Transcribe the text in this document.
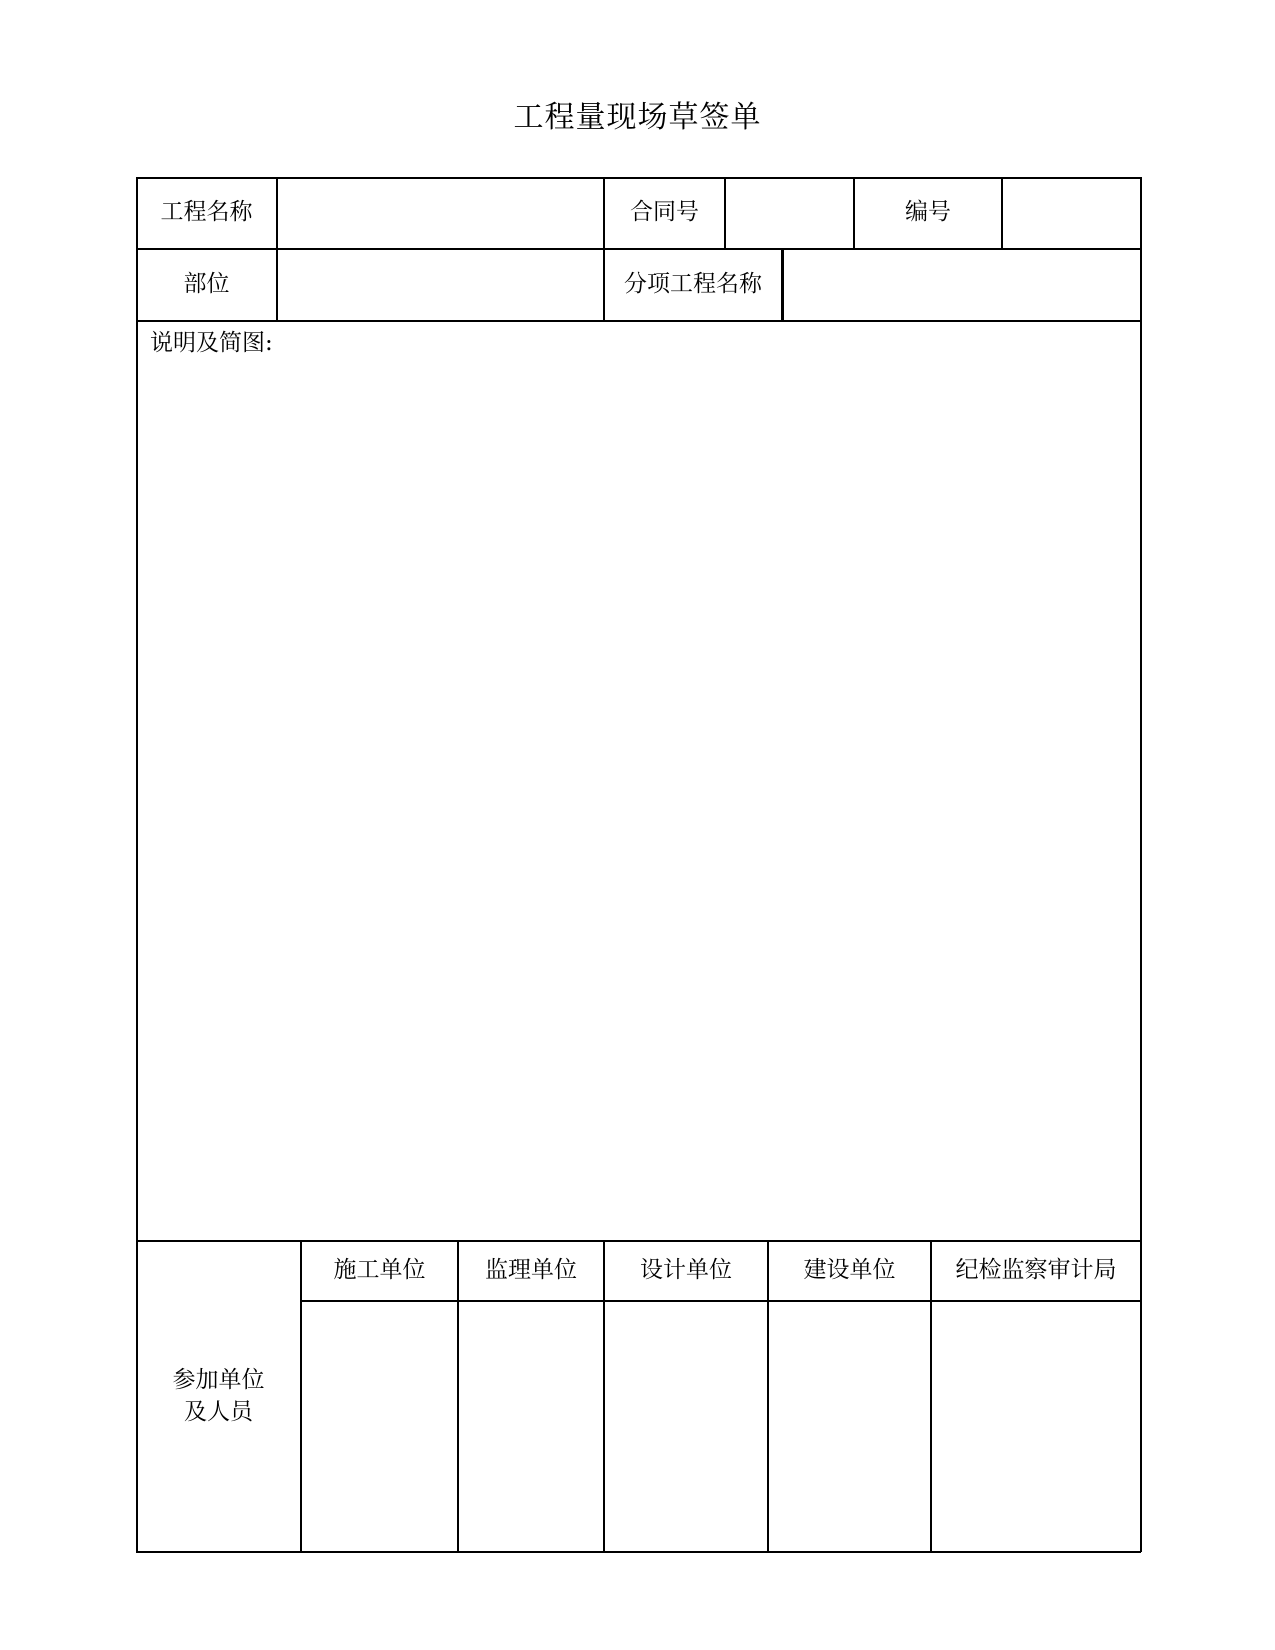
工程量现场草签单
工程名称	合同号	编号
部位	分项工程名称
说明及简图:
参加单位
及人员
施工单位	监理单位	设计单位	建设单位	纪检监察审计局
